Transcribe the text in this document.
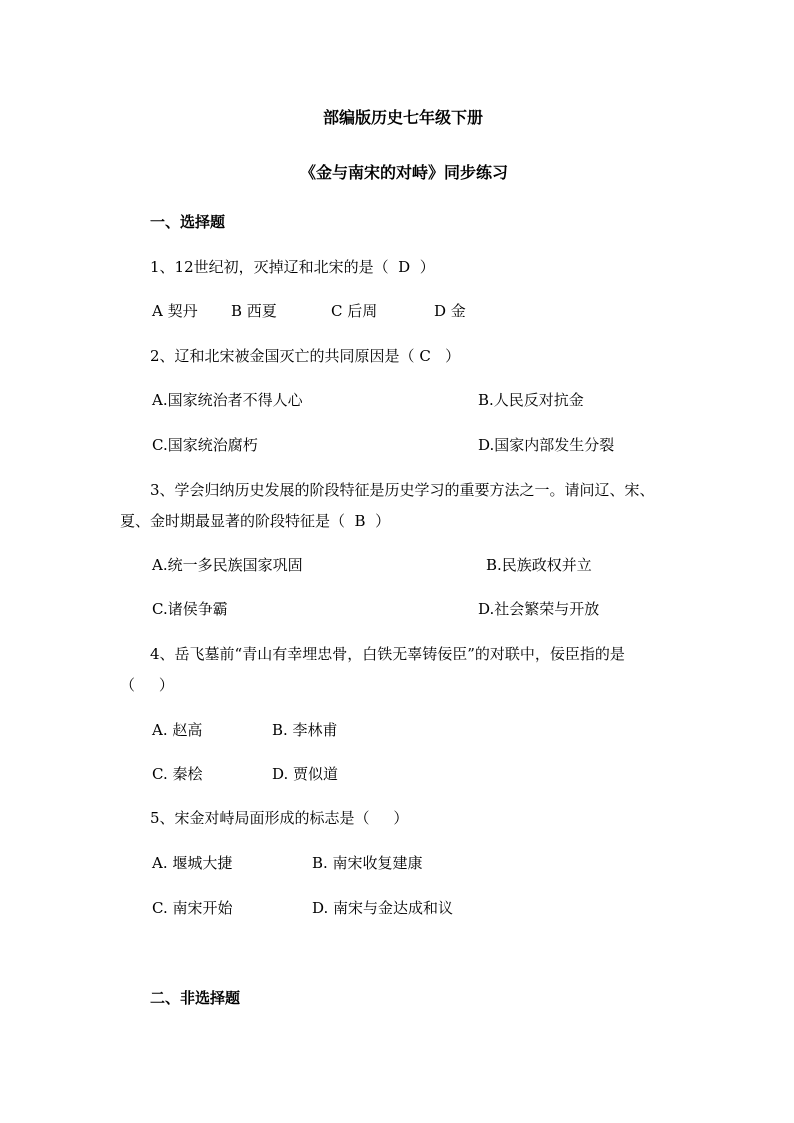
部编版历史七年级下册
《金与南宋的对峙》同步练习
一、选择题
1、12世纪初，灭掉辽和北宋的是（  D  ）
A 契丹 B 西夏	C 后周	D 金
2、辽和北宋被金国灭亡的共同原因是（ C   ）
A.国家统治者不得人心	B.人民反对抗金
C.国家统治腐朽	D.国家内部发生分裂
3、学会归纳历史发展的阶段特征是历史学习的重要方法之一。请问辽、宋、
夏、金时期最显著的阶段特征是（  B  ）
A.统一多民族国家巩固	B.民族政权并立
C.诸侯争霸	D.社会繁荣与开放
4、岳飞墓前“青山有幸埋忠骨，白铁无辜铸佞臣”的对联中，佞臣指的是
（     ）
A. 赵高	B. 李林甫
C. 秦桧	D. 贾似道
5、宋金对峙局面形成的标志是（     ）
A. 堰城大捷	B. 南宋收复建康
C. 南宋开始	D. 南宋与金达成和议
二、非选择题
